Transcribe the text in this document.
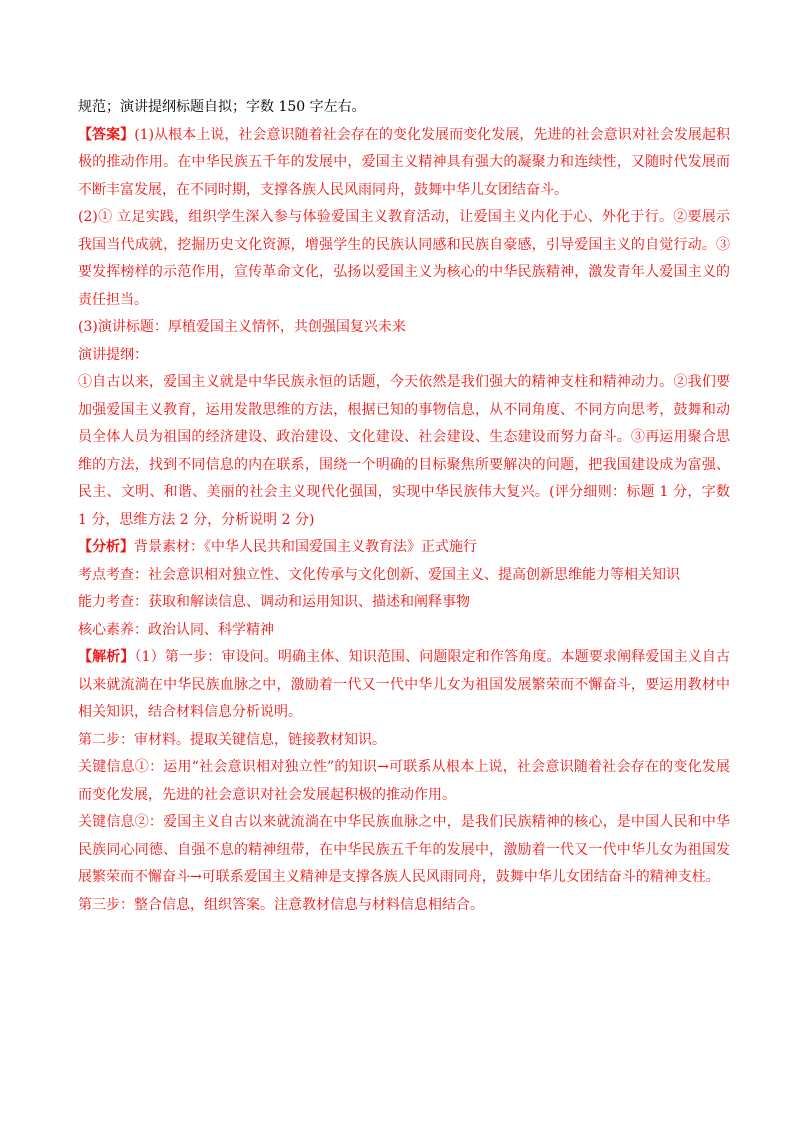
规范；演讲提纲标题自拟；字数 150 字左右。

【答案】(1)从根本上说，社会意识随着社会存在的变化发展而变化发展，先进的社会意识对社会发展起积极的推动作用。在中华民族五千年的发展中，爱国主义精神具有强大的凝聚力和连续性，又随时代发展而不断丰富发展，在不同时期，支撑各族人民风雨同舟，鼓舞中华儿女团结奋斗。

(2)① 立足实践，组织学生深入参与体验爱国主义教育活动，让爱国主义内化于心、外化于行。②要展示我国当代成就，挖掘历史文化资源，增强学生的民族认同感和民族自豪感，引导爱国主义的自觉行动。③要发挥榜样的示范作用，宣传革命文化，弘扬以爱国主义为核心的中华民族精神，激发青年人爱国主义的责任担当。

(3)演讲标题：厚植爱国主义情怀，共创强国复兴未来

演讲提纲：

①自古以来，爱国主义就是中华民族永恒的话题，今天依然是我们强大的精神支柱和精神动力。②我们要加强爱国主义教育，运用发散思维的方法，根据已知的事物信息，从不同角度、不同方向思考，鼓舞和动员全体人员为祖国的经济建设、政治建设、文化建设、社会建设、生态建设而努力奋斗。③再运用聚合思维的方法，找到不同信息的内在联系，围绕一个明确的目标聚焦所要解决的问题，把我国建设成为富强、民主、文明、和谐、美丽的社会主义现代化强国，实现中华民族伟大复兴。(评分细则：标题 1 分，字数 1 分，思维方法 2 分，分析说明 2 分)

【分析】背景素材：《中华人民共和国爱国主义教育法》正式施行

考点考查：社会意识相对独立性、文化传承与文化创新、爱国主义、提高创新思维能力等相关知识

能力考查：获取和解读信息、调动和运用知识、描述和阐释事物

核心素养：政治认同、科学精神

【解析】（1）第一步：审设问。明确主体、知识范围、问题限定和作答角度。本题要求阐释爱国主义自古以来就流淌在中华民族血脉之中，激励着一代又一代中华儿女为祖国发展繁荣而不懈奋斗，要运用教材中相关知识，结合材料信息分析说明。

第二步：审材料。提取关键信息，链接教材知识。

关键信息①：运用“社会意识相对独立性”的知识→可联系从根本上说，社会意识随着社会存在的变化发展而变化发展，先进的社会意识对社会发展起积极的推动作用。

关键信息②：爱国主义自古以来就流淌在中华民族血脉之中，是我们民族精神的核心，是中国人民和中华民族同心同德、自强不息的精神纽带，在中华民族五千年的发展中，激励着一代又一代中华儿女为祖国发展繁荣而不懈奋斗→可联系爱国主义精神是支撑各族人民风雨同舟，鼓舞中华儿女团结奋斗的精神支柱。

第三步：整合信息，组织答案。注意教材信息与材料信息相结合。
